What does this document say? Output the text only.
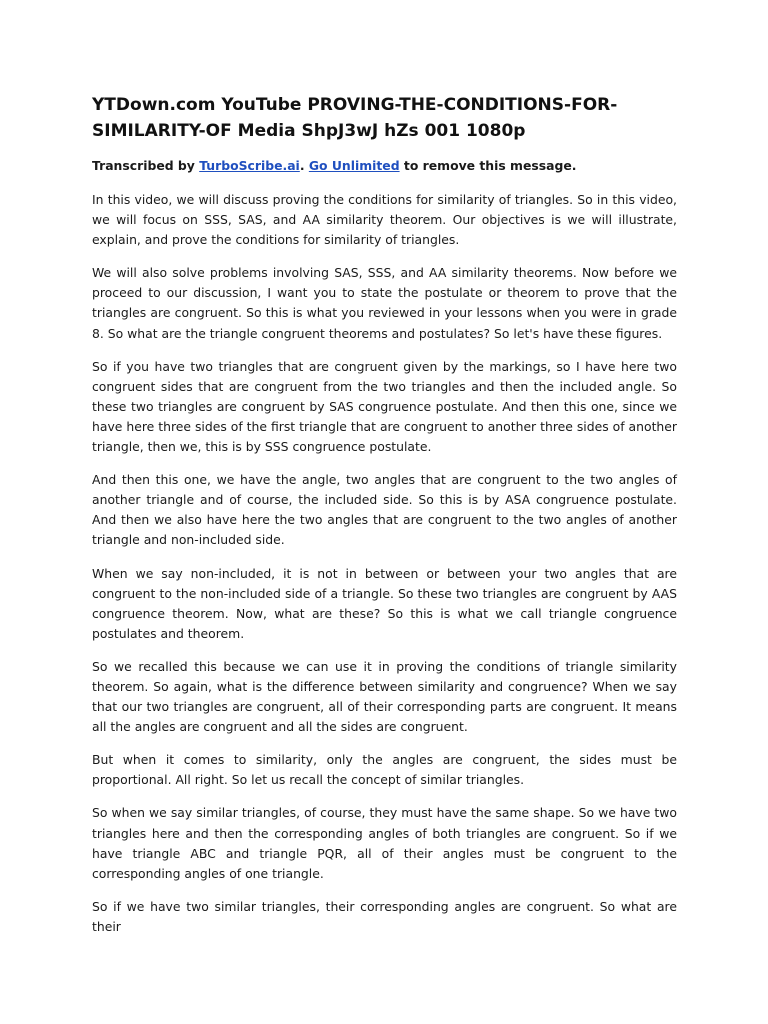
YTDown.com YouTube PROVING-THE-CONDITIONS-FOR-SIMILARITY-OF Media ShpJ3wJ hZs 001 1080p

Transcribed by TurboScribe.ai. Go Unlimited to remove this message.

In this video, we will discuss proving the conditions for similarity of triangles. So in this video, we will focus on SSS, SAS, and AA similarity theorem. Our objectives is we will illustrate, explain, and prove the conditions for similarity of triangles.

We will also solve problems involving SAS, SSS, and AA similarity theorems. Now before we proceed to our discussion, I want you to state the postulate or theorem to prove that the triangles are congruent. So this is what you reviewed in your lessons when you were in grade 8. So what are the triangle congruent theorems and postulates? So let's have these figures.

So if you have two triangles that are congruent given by the markings, so I have here two congruent sides that are congruent from the two triangles and then the included angle. So these two triangles are congruent by SAS congruence postulate. And then this one, since we have here three sides of the first triangle that are congruent to another three sides of another triangle, then we, this is by SSS congruence postulate.

And then this one, we have the angle, two angles that are congruent to the two angles of another triangle and of course, the included side. So this is by ASA congruence postulate. And then we also have here the two angles that are congruent to the two angles of another triangle and non-included side.

When we say non-included, it is not in between or between your two angles that are congruent to the non-included side of a triangle. So these two triangles are congruent by AAS congruence theorem. Now, what are these? So this is what we call triangle congruence postulates and theorem.

So we recalled this because we can use it in proving the conditions of triangle similarity theorem. So again, what is the difference between similarity and congruence? When we say that our two triangles are congruent, all of their corresponding parts are congruent. It means all the angles are congruent and all the sides are congruent.

But when it comes to similarity, only the angles are congruent, the sides must be proportional. All right. So let us recall the concept of similar triangles.

So when we say similar triangles, of course, they must have the same shape. So we have two triangles here and then the corresponding angles of both triangles are congruent. So if we have triangle ABC and triangle PQR, all of their angles must be congruent to the corresponding angles of one triangle.

So if we have two similar triangles, their corresponding angles are congruent. So what are their
